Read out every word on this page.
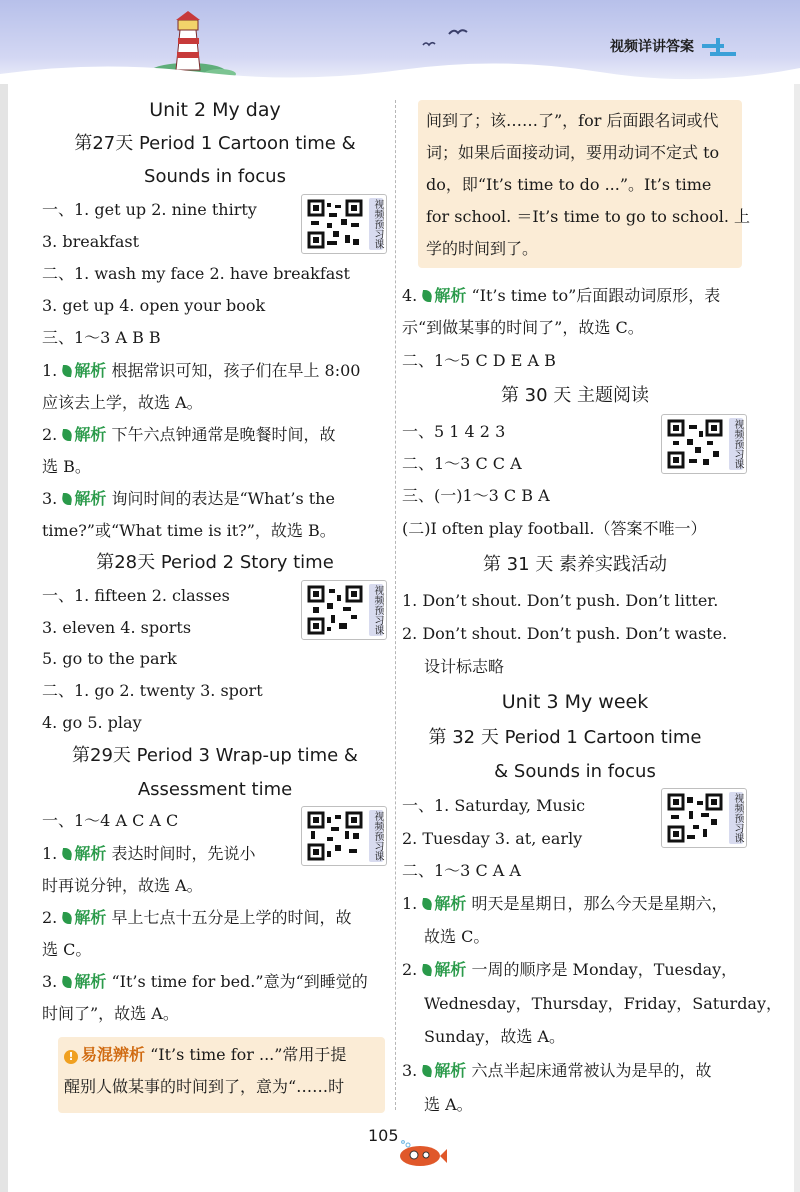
视频详讲答案
Unit 2 My day
第27天 Period 1 Cartoon time &
Sounds in focus
视频预习课
一、1. get up 2. nine thirty
3. breakfast
二、1. wash my face 2. have breakfast
3. get up 4. open your book
三、1～3 A B B
1. 解析 根据常识可知，孩子们在早上 8:00
应该去上学，故选 A。
2. 解析 下午六点钟通常是晚餐时间，故
选 B。
3. 解析 询问时间的表达是“What’s the
time?”或“What time is it?”，故选 B。
第28天 Period 2 Story time
视频预习课
一、1. fifteen 2. classes
3. eleven 4. sports
5. go to the park
二、1. go 2. twenty 3. sport
4. go 5. play
第29天 Period 3 Wrap-up time &
Assessment time
视频预习课
一、1～4 A C A C
1. 解析 表达时间时，先说小
时再说分钟，故选 A。
2. 解析 早上七点十五分是上学的时间，故
选 C。
3. 解析 “It’s time for bed.”意为“到睡觉的
时间了”，故选 A。
! 易混辨析 “It’s time for ...”常用于提
醒别人做某事的时间到了，意为“……时
间到了；该……了”，for 后面跟名词或代
词；如果后面接动词，要用动词不定式 to
do，即“It’s time to do ...”。It’s time
for school. ＝It’s time to go to school. 上
学的时间到了。
4. 解析 “It’s time to”后面跟动词原形，表
示“到做某事的时间了”，故选 C。
二、1～5 C D E A B
第 30 天 主题阅读
视频预习课
一、5 1 4 2 3
二、1～3 C C A
三、(一)1～3 C B A
(二)I often play football.（答案不唯一）
第 31 天 素养实践活动
1. Don’t shout. Don’t push. Don’t litter.
2. Don’t shout. Don’t push. Don’t waste.
设计标志略
Unit 3 My week
第 32 天 Period 1 Cartoon time
& Sounds in focus
视频预习课
一、1. Saturday, Music
2. Tuesday 3. at, early
二、1～3 C A A
1. 解析 明天是星期日，那么今天是星期六，
故选 C。
2. 解析 一周的顺序是 Monday，Tuesday，
Wednesday，Thursday，Friday，Saturday，
Sunday，故选 A。
3. 解析 六点半起床通常被认为是早的，故
选 A。
105
